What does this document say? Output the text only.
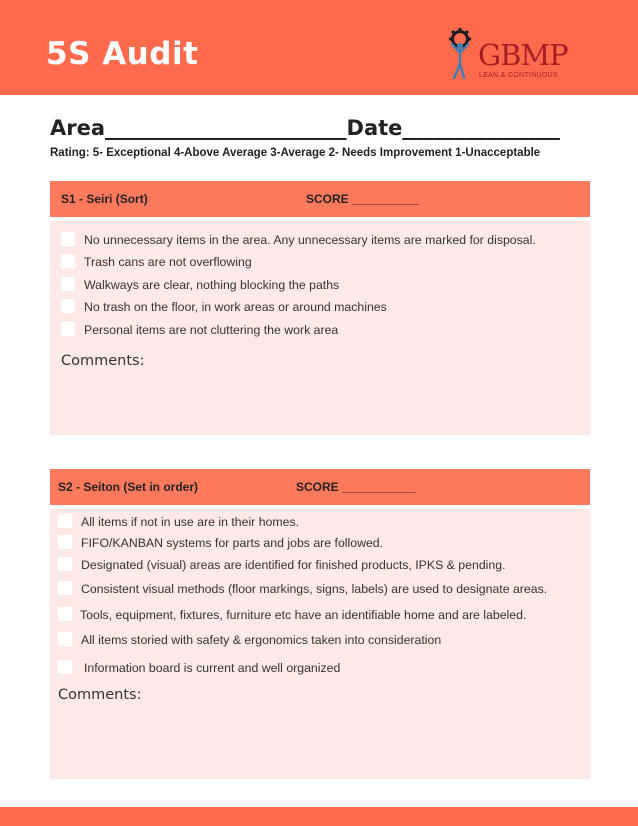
5S Audit	GBMP
LEAN & CONTINUOUS
Area_______________________Date_______________
Rating: 5- Exceptional 4-Above Average 3-Average 2- Needs Improvement 1-Unacceptable
S1 - Seiri (Sort)	SCORE __________
No unnecessary items in the area. Any unnecessary items are marked for disposal.
Trash cans are not overflowing
Walkways are clear, nothing blocking the paths
No trash on the floor, in work areas or around machines
Personal items are not cluttering the work area
Comments:
S2 - Seiton (Set in order)	SCORE ___________
All items if not in use are in their homes.
FIFO/KANBAN systems for parts and jobs are followed.
Designated (visual) areas are identified for finished products, IPKS & pending.
Consistent visual methods (floor markings, signs, labels) are used to designate areas.
Tools, equipment, fixtures, furniture etc have an identifiable home and are labeled.
All items storied with safety & ergonomics taken into consideration
Information board is current and well organized
Comments:
